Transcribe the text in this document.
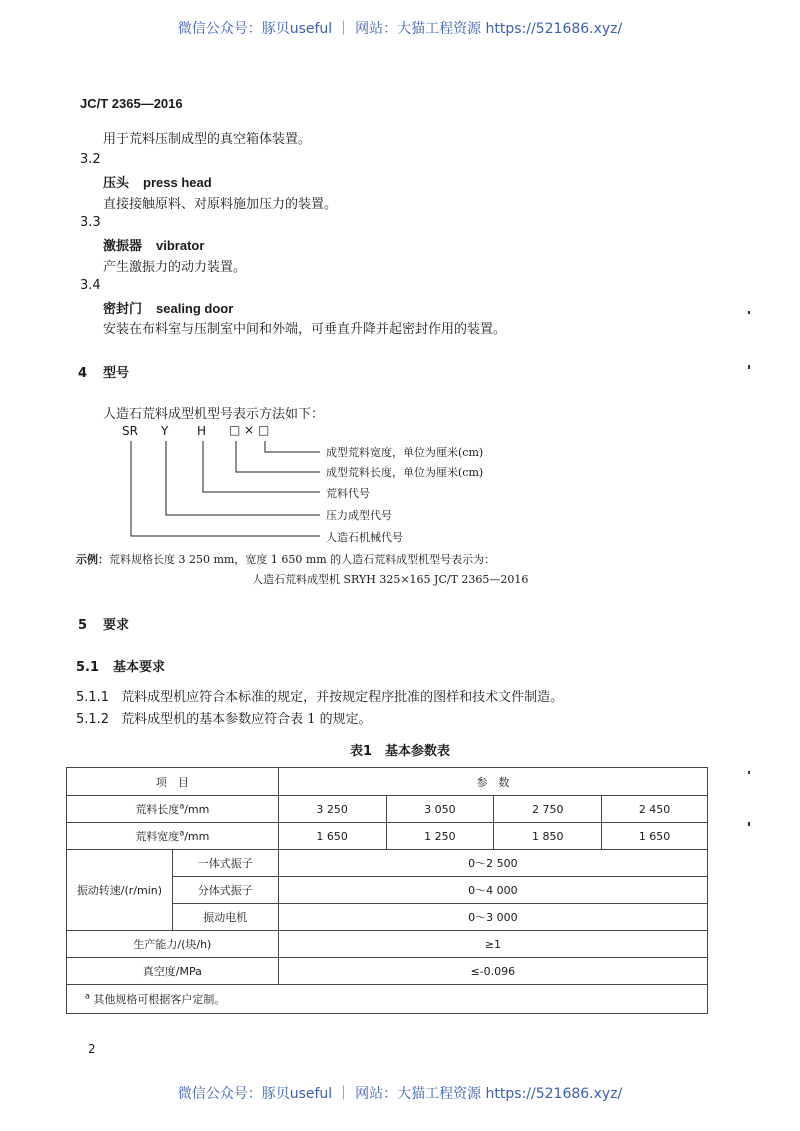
微信公众号：豚贝useful ｜ 网站：大猫工程资源 https://521686.xyz/
JC/T 2365—2016
用于荒料压制成型的真空箱体装置。
3.2
压头 press head
直接接触原料、对原料施加压力的装置。
3.3
激振器 vibrator
产生激振力的动力装置。
3.4
密封门 sealing door
安装在布料室与压制室中间和外端，可垂直升降并起密封作用的装置。
4 型号
人造石荒料成型机型号表示方法如下：
SR Y H □ × □
成型荒料宽度，单位为厘米(cm)
成型荒料长度，单位为厘米(cm)
荒料代号
压力成型代号
人造石机械代号
示例：荒料规格长度 3 250 mm，宽度 1 650 mm 的人造石荒料成型机型号表示为：
人造石荒料成型机 SRYH 325×165 JC/T 2365—2016
5 要求
5.1 基本要求
5.1.1 荒料成型机应符合本标准的规定，并按规定程序批准的图样和技术文件制造。
5.1.2 荒料成型机的基本参数应符合表 1 的规定。
表1　基本参数表
项　目		参　数			
荒料长度$^a$/mm		3 250	3 050	2 750	2 450
荒料宽度$^a$/mm		1 650	1 250	1 850	1 650
振动转速/(r/min)	一体式振子	0～2 500			
	分体式振子	0～4 000			
	振动电机	0～3 000			
生产能力/(块/h)		≥1			
真空度/MPa		≤-0.096			
$^a$ 其他规格可根据客户定制。					
2
微信公众号：豚贝useful ｜ 网站：大猫工程资源 https://521686.xyz/
